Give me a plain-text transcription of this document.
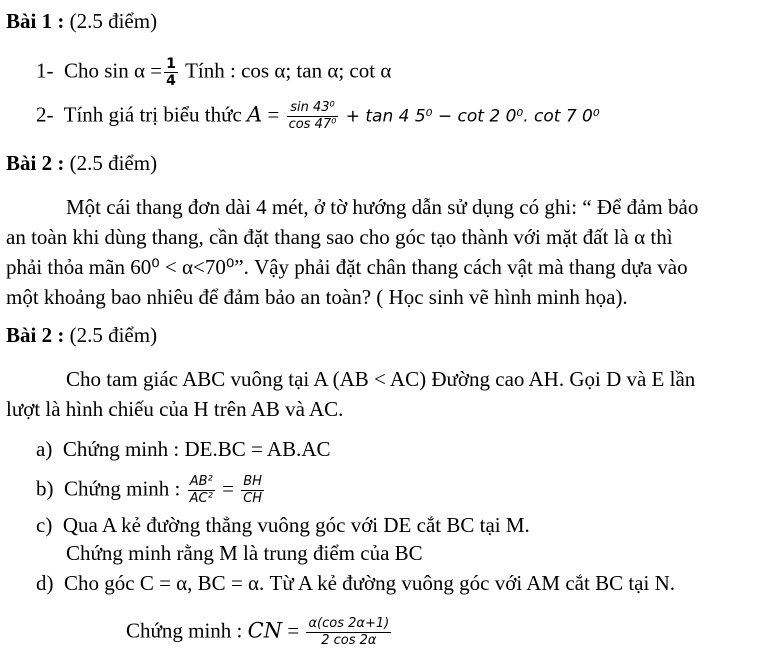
Bài 1 : (2.5 điểm)
1- Cho $\sin \alpha = \frac{1}{4}$ Tính : cos α; tan α; cot α
2- Tính giá trị biểu thức $A = \frac{\text{sin 43⁰}}{\text{cos 47⁰}} + \tan 4$ 5⁰ − cot 2 0⁰. cot 7 0⁰
Bài 2 : (2.5 điểm)
Một cái thang đơn dài 4 mét, ở tờ hướng dẫn sử dụng có ghi: “ Để đảm bảo
an toàn khi dùng thang, cần đặt thang sao cho góc tạo thành với mặt đất là α thì
phải thỏa mãn 60⁰ < α<70⁰”. Vậy phải đặt chân thang cách vật mà thang dựa vào
một khoảng bao nhiêu để đảm bảo an toàn? ( Học sinh vẽ hình minh họa).
Bài 2 : (2.5 điểm)
Cho tam giác ABC vuông tại A (AB < AC) Đường cao AH. Gọi D và E lần
lượt là hình chiếu của H trên AB và AC.
a) Chứng minh : DE.BC = AB.AC
b) Chứng minh : $\frac{\text{AB²}}{\text{AC²}} = \frac{BH}{CH}$
c) Qua A kẻ đường thẳng vuông góc với DE cắt BC tại M.
Chứng minh rằng M là trung điểm của BC
d) Cho góc C = α, BC = α. Từ A kẻ đường vuông góc với AM cắt BC tại N.
Chứng minh : CN = $\frac{\alpha(\cos 2\alpha+1)}{2 \cos 2\alpha}$
